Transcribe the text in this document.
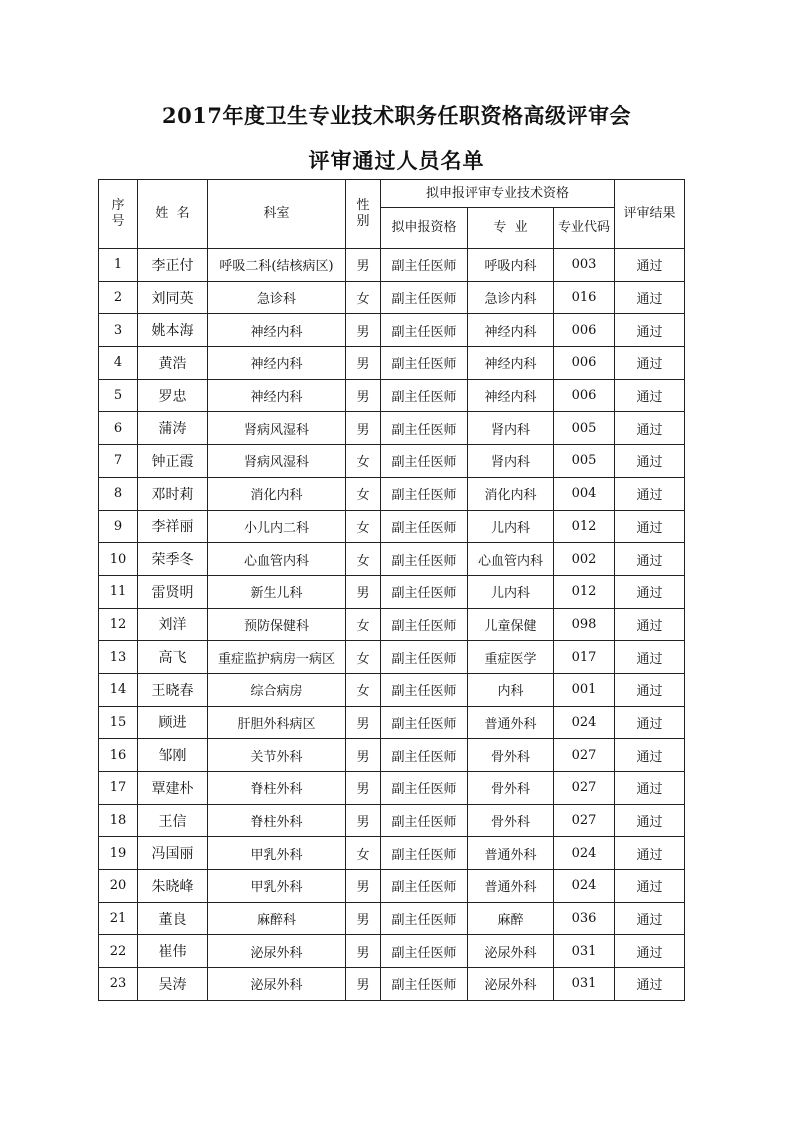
2017年度卫生专业技术职务任职资格高级评审会
评审通过人员名单
序号	姓  名	科室	性别	拟申报评审专业技术资格			评审结果
				拟申报资格	专  业	专业代码	

1	李正付	呼吸二科(结核病区)	男	副主任医师	呼吸内科	003	通过
2	刘同英	急诊科	女	副主任医师	急诊内科	016	通过
3	姚本海	神经内科	男	副主任医师	神经内科	006	通过
4	黄浩	神经内科	男	副主任医师	神经内科	006	通过
5	罗忠	神经内科	男	副主任医师	神经内科	006	通过
6	蒲涛	肾病风湿科	男	副主任医师	肾内科	005	通过
7	钟正霞	肾病风湿科	女	副主任医师	肾内科	005	通过
8	邓时莉	消化内科	女	副主任医师	消化内科	004	通过
9	李祥丽	小儿内二科	女	副主任医师	儿内科	012	通过
10	荣季冬	心血管内科	女	副主任医师	心血管内科	002	通过
11	雷贤明	新生儿科	男	副主任医师	儿内科	012	通过
12	刘洋	预防保健科	女	副主任医师	儿童保健	098	通过
13	高飞	重症监护病房一病区	女	副主任医师	重症医学	017	通过
14	王晓春	综合病房	女	副主任医师	内科	001	通过
15	顾进	肝胆外科病区	男	副主任医师	普通外科	024	通过
16	邹刚	关节外科	男	副主任医师	骨外科	027	通过
17	覃建朴	脊柱外科	男	副主任医师	骨外科	027	通过
18	王信	脊柱外科	男	副主任医师	骨外科	027	通过
19	冯国丽	甲乳外科	女	副主任医师	普通外科	024	通过
20	朱晓峰	甲乳外科	男	副主任医师	普通外科	024	通过
21	董良	麻醉科	男	副主任医师	麻醉	036	通过
22	崔伟	泌尿外科	男	副主任医师	泌尿外科	031	通过
23	吴涛	泌尿外科	男	副主任医师	泌尿外科	031	通过
